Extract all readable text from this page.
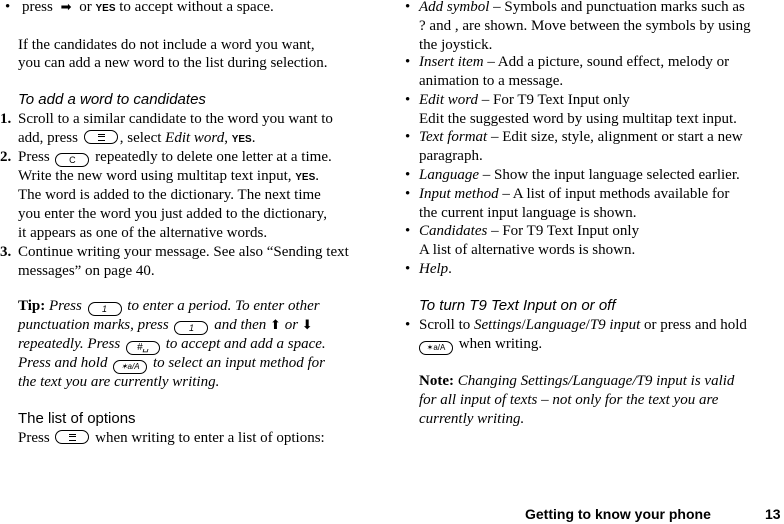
• press ➡ or YES to accept without a space.

If the candidates do not include a word you want,

you can add a new word to the list during selection.

To add a word to candidates

1. Scroll to a similar candidate to the word you want to

add, press	, select Edit word, YES.
2. Press C repeatedly to delete one letter at a time.
Write the new word using multitap text input, YES.

The word is added to the dictionary. The next time

you enter the word you just added to the dictionary,

it appears as one of the alternative words.

3. Continue writing your message. See also “Sending text

messages” on page 40.

Tip: Press 1 to enter a period. To enter other
punctuation marks, press 1 and then ⬆ or ⬇
repeatedly. Press #␣ to accept and add a space.
Press and hold ✶a/A to select an input method for

the text you are currently writing.

The list of options

Press	when writing to enter a list of options:
• Add symbol – Symbols and punctuation marks such as
? and , are shown. Move between the symbols by using
the joystick.
• Insert item – Add a picture, sound effect, melody or
animation to a message.
• Edit word – For T9 Text Input only
Edit the suggested word by using multitap text input.
• Text format – Edit size, style, alignment or start a new
paragraph.
• Language – Show the input language selected earlier.
• Input method – A list of input methods available for
the current input language is shown.
• Candidates – For T9 Text Input only
A list of alternative words is shown.
• Help.

To turn T9 Text Input on or off

• Scroll to Settings/Language/T9 input or press and hold
✶a/A when writing.
Note: Changing Settings/Language/T9 input is valid

for all input of texts – not only for the text you are

currently writing.

Getting to know your phone	13
